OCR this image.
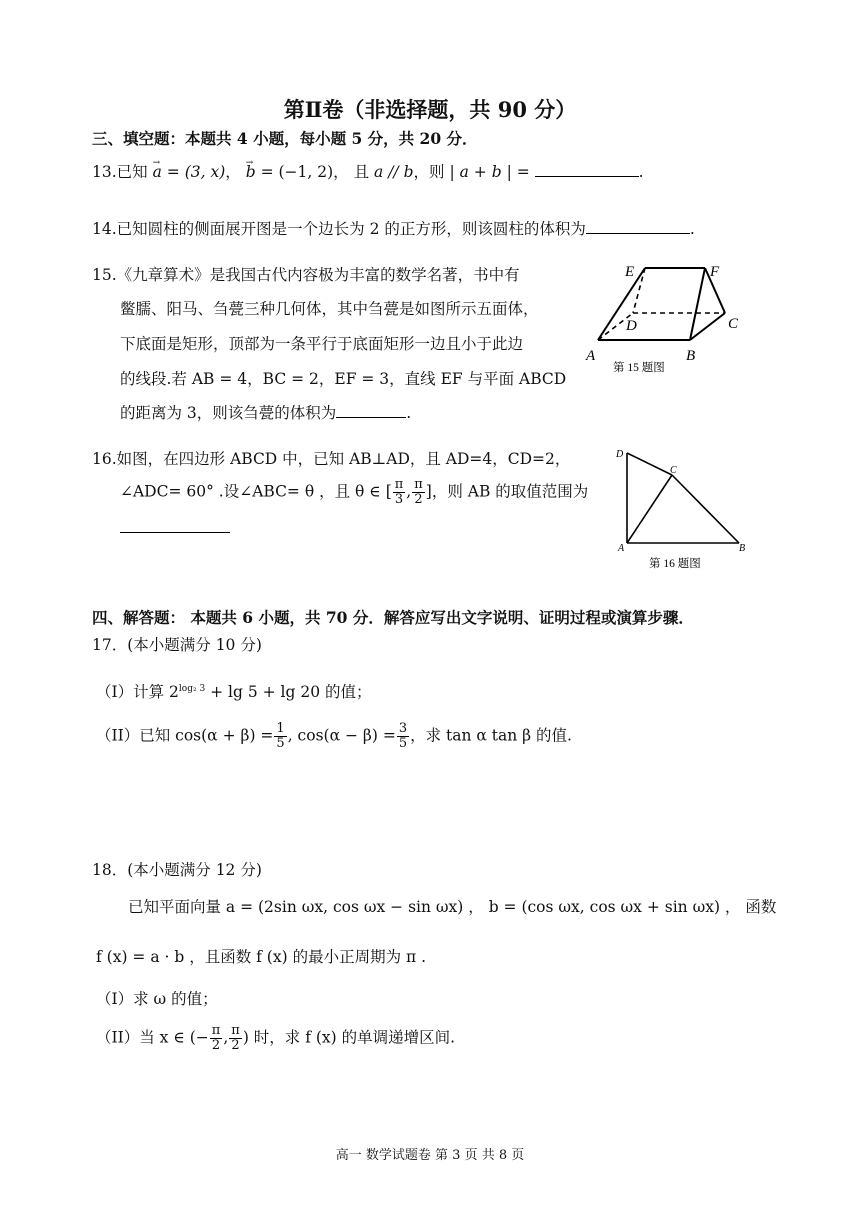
第Ⅱ卷（非选择题，共 90 分）
三、填空题：本题共 4 小题，每小题 5 分，共 20 分．
13.已知 → a = (3, x)， → b = (−1, 2)， 且 a // b，则 | a + b | =	.
14.已知圆柱的侧面展开图是一个边长为 2 的正方形，则该圆柱的体积为	.
15.《九章算术》是我国古代内容极为丰富的数学名著，书中有
鳖臑、阳马、刍甍三种几何体，其中刍甍是如图所示五面体，
下底面是矩形，顶部为一条平行于底面矩形一边且小于此边
的线段.若 AB = 4，BC = 2，EF = 3，直线 EF 与平面 ABCD
的距离为 3，则该刍甍的体积为	.
E	F
D	C
A	B
第 15 题图
16.如图，在四边形 ABCD 中，已知 AB⊥AD，且 AD=4，CD=2，
∠ADC= 60° .设∠ABC= θ ，且 θ ∈ [ $\frac{\pi}{3}$ , $\frac{\pi}{2}$ ]，则 AB 的取值范围为
D
C
A	B
第 16 题图
四、解答题： 本题共 6 小题，共 70 分．解答应写出文字说明、证明过程或演算步骤．
17．(本小题满分 10 分)
（I）计算 $2^{log_2 3} + \lg 5 + \lg 20$ 的值；
（II）已知 $\cos(\alpha + \beta) = \frac{1}{5}$ , $\cos(\alpha - \beta) = \frac{3}{5}$ ，求 tan α tan β 的值.
18．(本小题满分 12 分)
已知平面向量 a = (2sin ωx, cos ωx − sin ωx) ， b = (cos ωx, cos ωx + sin ωx) ， 函数
f (x) = a · b ，且函数 f (x) 的最小正周期为 π .
（I）求 ω 的值；
（II）当 x ∈ (− $\frac{\pi}{2}$ , $\frac{\pi}{2}$ ) 时，求 f (x) 的单调递增区间.
高一 数学试题卷 第 3 页 共 8 页
